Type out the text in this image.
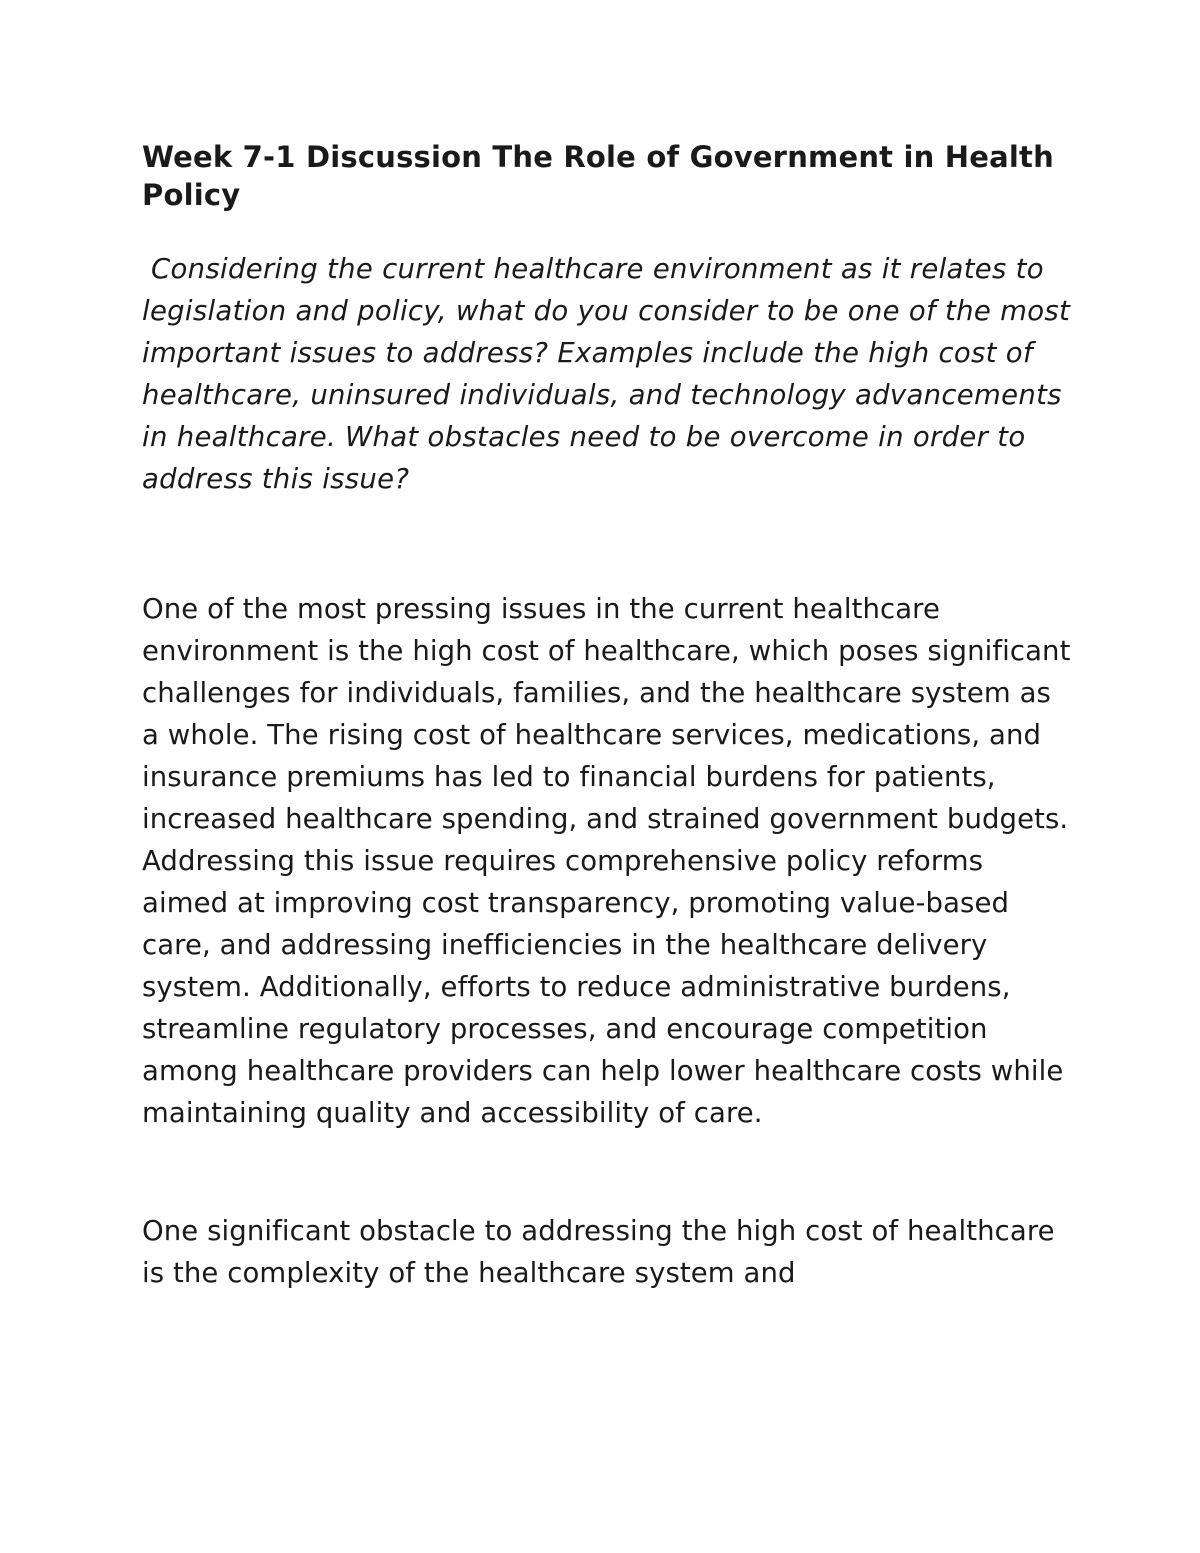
Week 7-1 Discussion The Role of Government in Health Policy

Considering the current healthcare environment as it relates to legislation and policy, what do you consider to be one of the most important issues to address? Examples include the high cost of healthcare, uninsured individuals, and technology advancements in healthcare. What obstacles need to be overcome in order to address this issue?

One of the most pressing issues in the current healthcare environment is the high cost of healthcare, which poses significant challenges for individuals, families, and the healthcare system as a whole. The rising cost of healthcare services, medications, and insurance premiums has led to financial burdens for patients, increased healthcare spending, and strained government budgets. Addressing this issue requires comprehensive policy reforms aimed at improving cost transparency, promoting value-based care, and addressing inefficiencies in the healthcare delivery system. Additionally, efforts to reduce administrative burdens, streamline regulatory processes, and encourage competition among healthcare providers can help lower healthcare costs while maintaining quality and accessibility of care.

One significant obstacle to addressing the high cost of healthcare is the complexity of the healthcare system and
